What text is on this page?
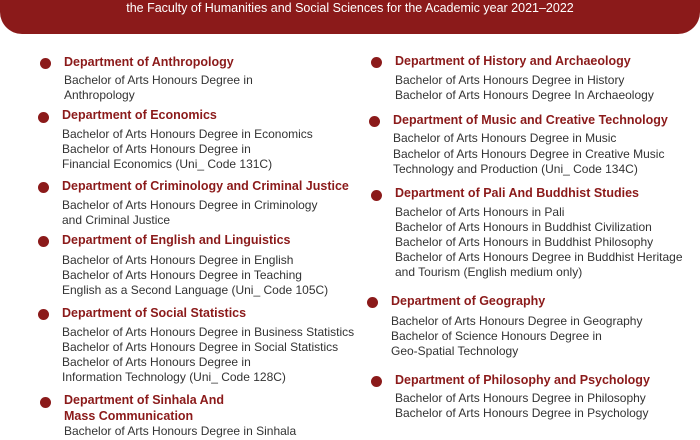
the Faculty of Humanities and Social Sciences for the Academic year 2021–2022
Department of Anthropology
Bachelor of Arts Honours Degree in
Anthropology
Department of Economics
Bachelor of Arts Honours Degree in Economics
Bachelor of Arts Honours Degree in
Financial Economics (Uni_ Code 131C)
Department of Criminology and Criminal Justice
Bachelor of Arts Honours Degree in Criminology
and Criminal Justice
Department of English and Linguistics
Bachelor of Arts Honours Degree in English
Bachelor of Arts Honours Degree in Teaching
English as a Second Language (Uni_ Code 105C)
Department of Social Statistics
Bachelor of Arts Honours Degree in Business Statistics
Bachelor of Arts Honours Degree in Social Statistics
Bachelor of Arts Honours Degree in
Information Technology (Uni_ Code 128C)
Department of Sinhala And
Mass Communication
Bachelor of Arts Honours Degree in Sinhala
Department of History and Archaeology
Bachelor of Arts Honours Degree in History
Bachelor of Arts Honours Degree In Archaeology
Department of Music and Creative Technology
Bachelor of Arts Honours Degree in Music
Bachelor of Arts Honours Degree in Creative Music
Technology and Production (Uni_ Code 134C)
Department of Pali And Buddhist Studies
Bachelor of Arts Honours in Pali
Bachelor of Arts Honours in Buddhist Civilization
Bachelor of Arts Honours in Buddhist Philosophy
Bachelor of Arts Honours Degree in Buddhist Heritage
and Tourism (English medium only)
Department of Geography
Bachelor of Arts Honours Degree in Geography
Bachelor of Science Honours Degree in
Geo-Spatial Technology
Department of Philosophy and Psychology
Bachelor of Arts Honours Degree in Philosophy
Bachelor of Arts Honours Degree in Psychology
